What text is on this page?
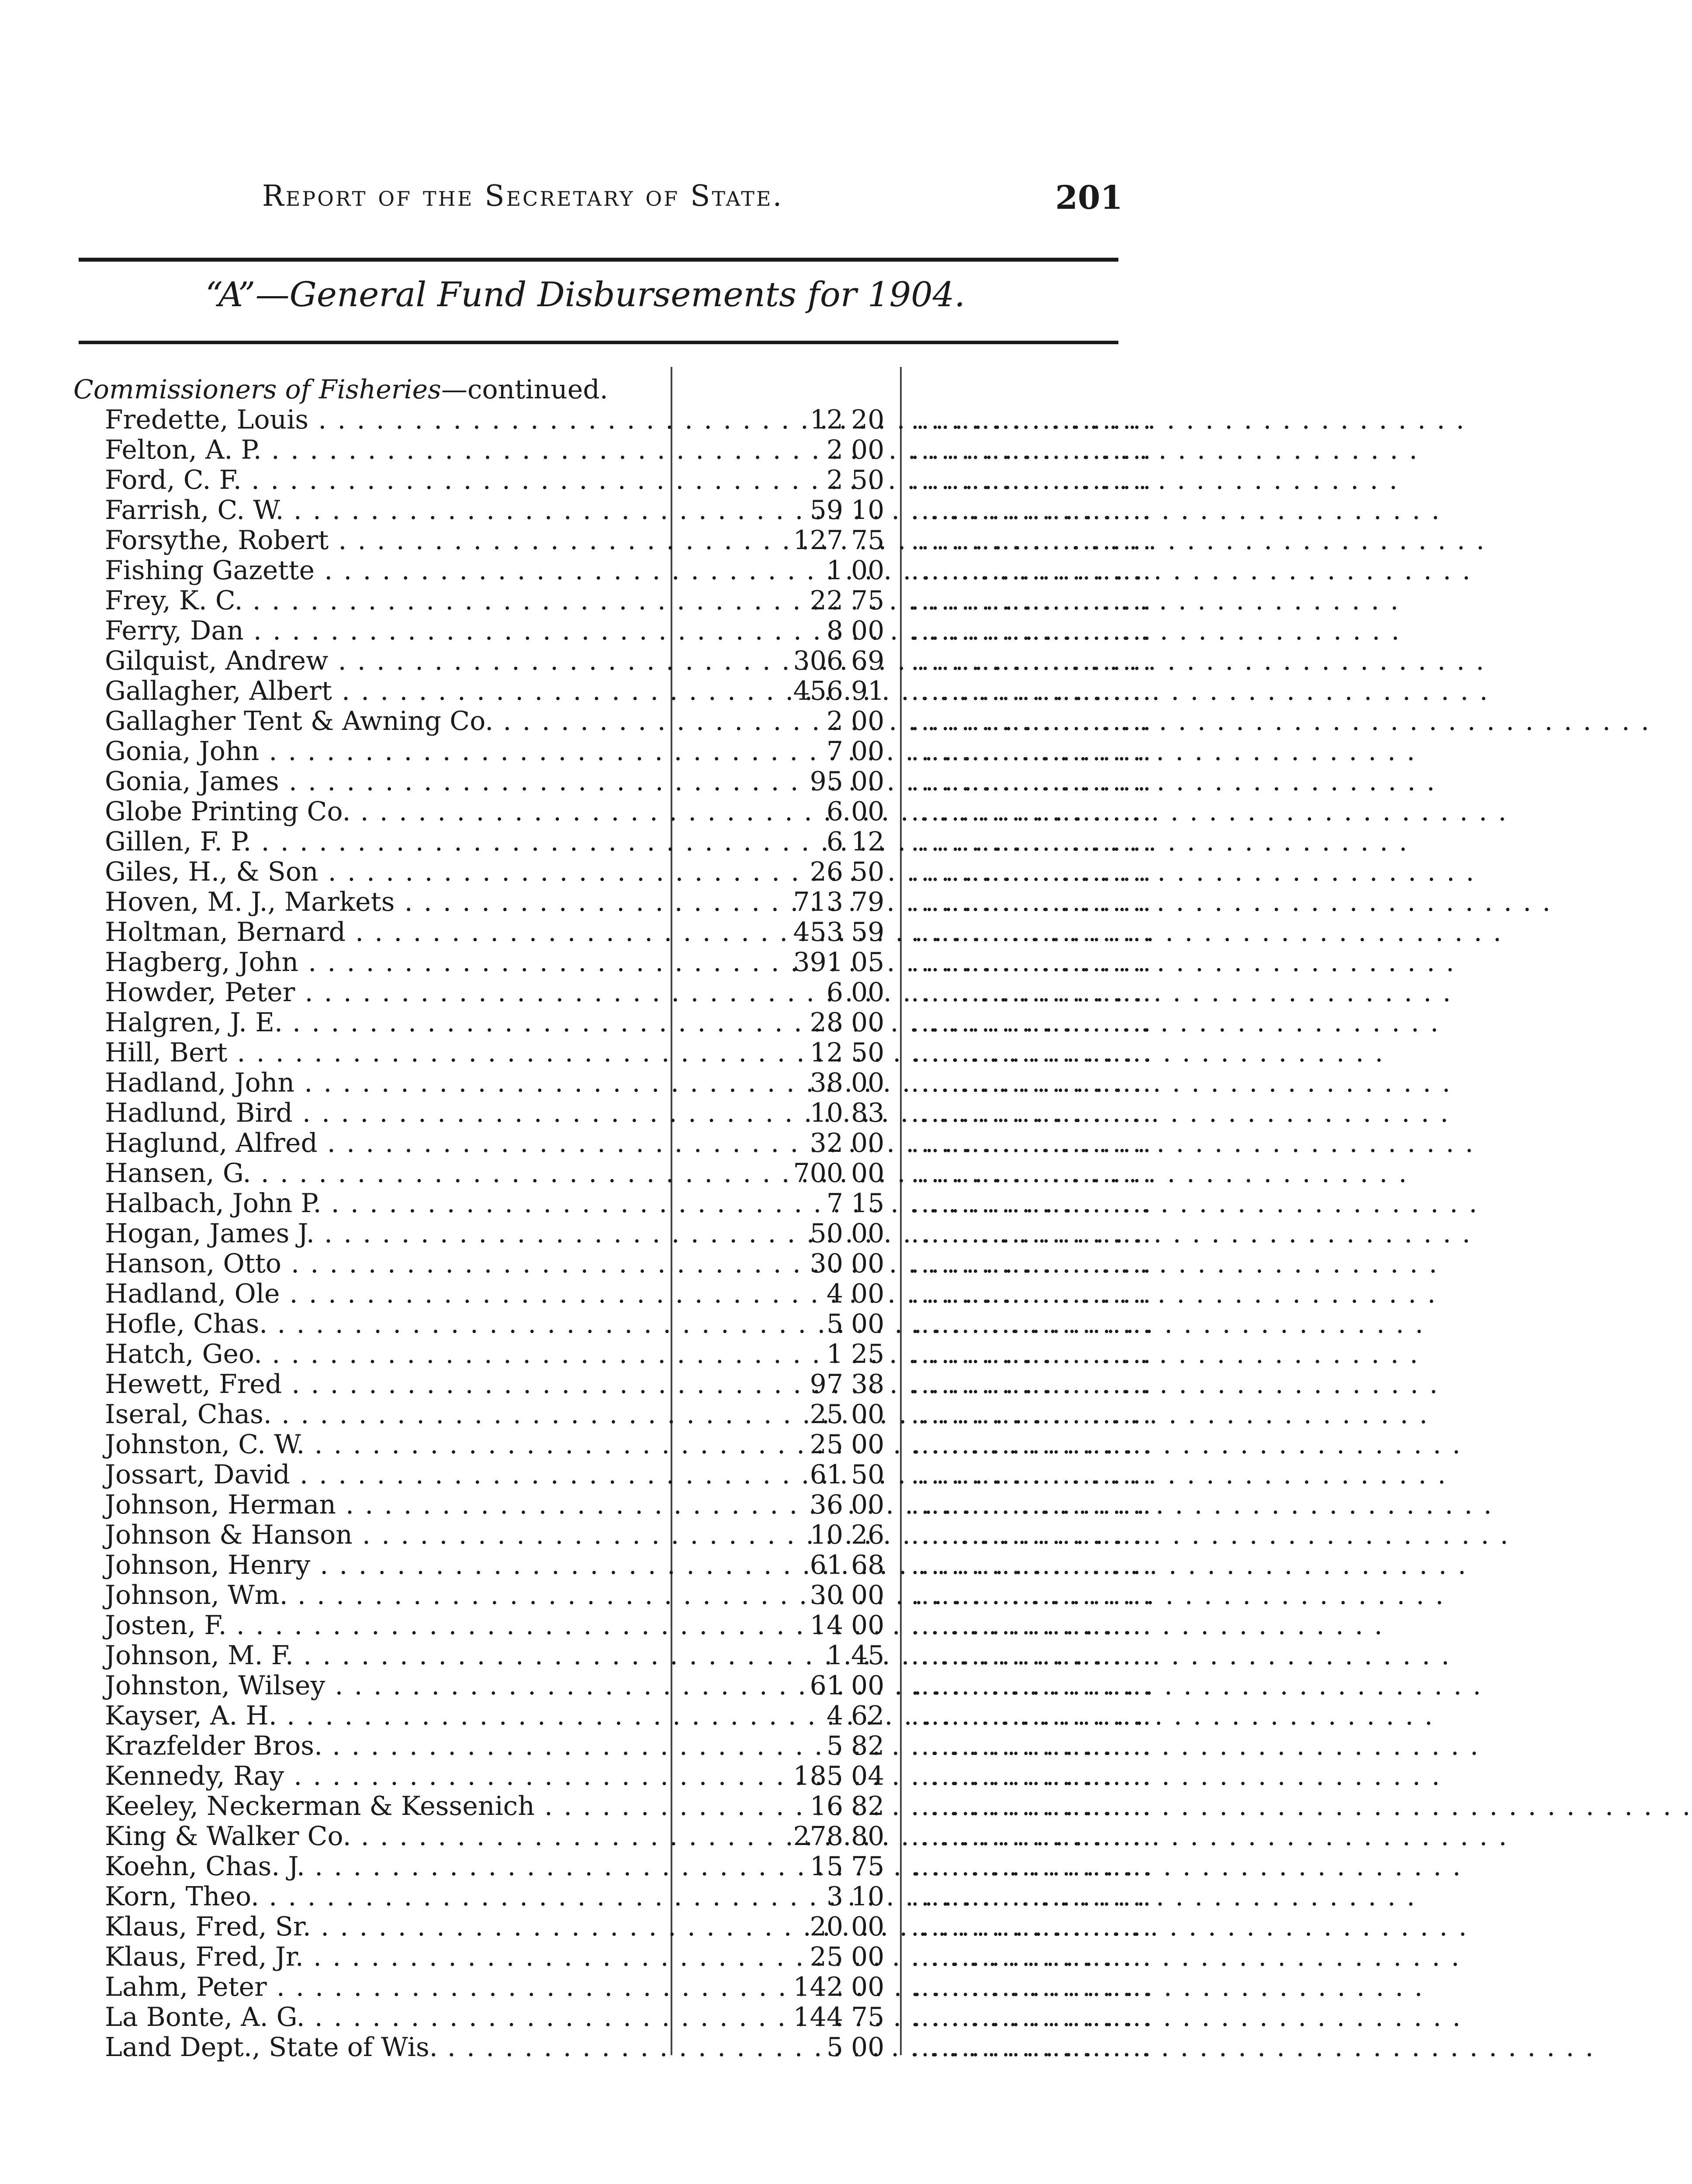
Report of the Secretary of State.	201
“A”—General Fund Disbursements for 1904.
Commissioners of Fisheries—continued.
Fredette, Louis . . .	12 20 ........................
Felton, A. P. . . .	2 00 ........................
Ford, C. F. . . .	2 50 ........................
Farrish, C. W. . . .	59 10 ........................
Forsythe, Robert . . .	127 75 ........................
Fishing Gazette . . .	1 00 ........................
Frey, K. C. . . .	22 75 ........................
Ferry, Dan . . .	8 00 ........................
Gilquist, Andrew . . .	306 69 ........................
Gallagher, Albert . . .	456 91 ........................
Gallagher Tent & Awning Co. . . .	2 00 ........................
Gonia, John . . .	7 00 ........................
Gonia, James . . .	95 00 ........................
Globe Printing Co. . . .	6 00 ........................
Gillen, F. P. . . .	6 12 ........................
Giles, H., & Son . . .	26 50 ........................
Hoven, M. J., Markets . . .	713 79 ........................
Holtman, Bernard . . .	453 59 ........................
Hagberg, John . . .	391 05 ........................
Howder, Peter . . .	6 00 ........................
Halgren, J. E. . . .	28 00 ........................
Hill, Bert . . .	12 50 ........................
Hadland, John . . .	38 00 ........................
Hadlund, Bird . . .	10 83 ........................
Haglund, Alfred . . .	32 00 ........................
Hansen, G. . . .	700 00 ........................
Halbach, John P. . . .	7 15 ........................
Hogan, James J. . . .	50 00 ........................
Hanson, Otto . . .	30 00 ........................
Hadland, Ole . . .	4 00 ........................
Hofle, Chas. . . .	5 00 ........................
Hatch, Geo. . . .	1 25 ........................
Hewett, Fred . . .	97 38 ........................
Iseral, Chas. . . .	25 00 ........................
Johnston, C. W. . . .	25 00 ........................
Jossart, David . . .	61 50 ........................
Johnson, Herman . . .	36 00 ........................
Johnson & Hanson . . .	10 26 ........................
Johnson, Henry . . .	61 68 ........................
Johnson, Wm. . . .	30 00 ........................
Josten, F. . . .	14 00 ........................
Johnson, M. F. . . .	1 45 ........................
Johnston, Wilsey . . .	61 00 ........................
Kayser, A. H. . . .	4 62 ........................
Krazfelder Bros. . . .	5 82 ........................
Kennedy, Ray . . .	185 04 ........................
Keeley, Neckerman & Kessenich . . .	16 82 ........................
King & Walker Co. . . .	278 80 ........................
Koehn, Chas. J. . . .	15 75 ........................
Korn, Theo. . . .	3 10 ........................
Klaus, Fred, Sr. . . .	20 00 ........................
Klaus, Fred, Jr. . . .	25 00 ........................
Lahm, Peter . . .	142 00 ........................
La Bonte, A. G. . . .	144 75 ........................
Land Dept., State of Wis. . . .	5 00 ........................
